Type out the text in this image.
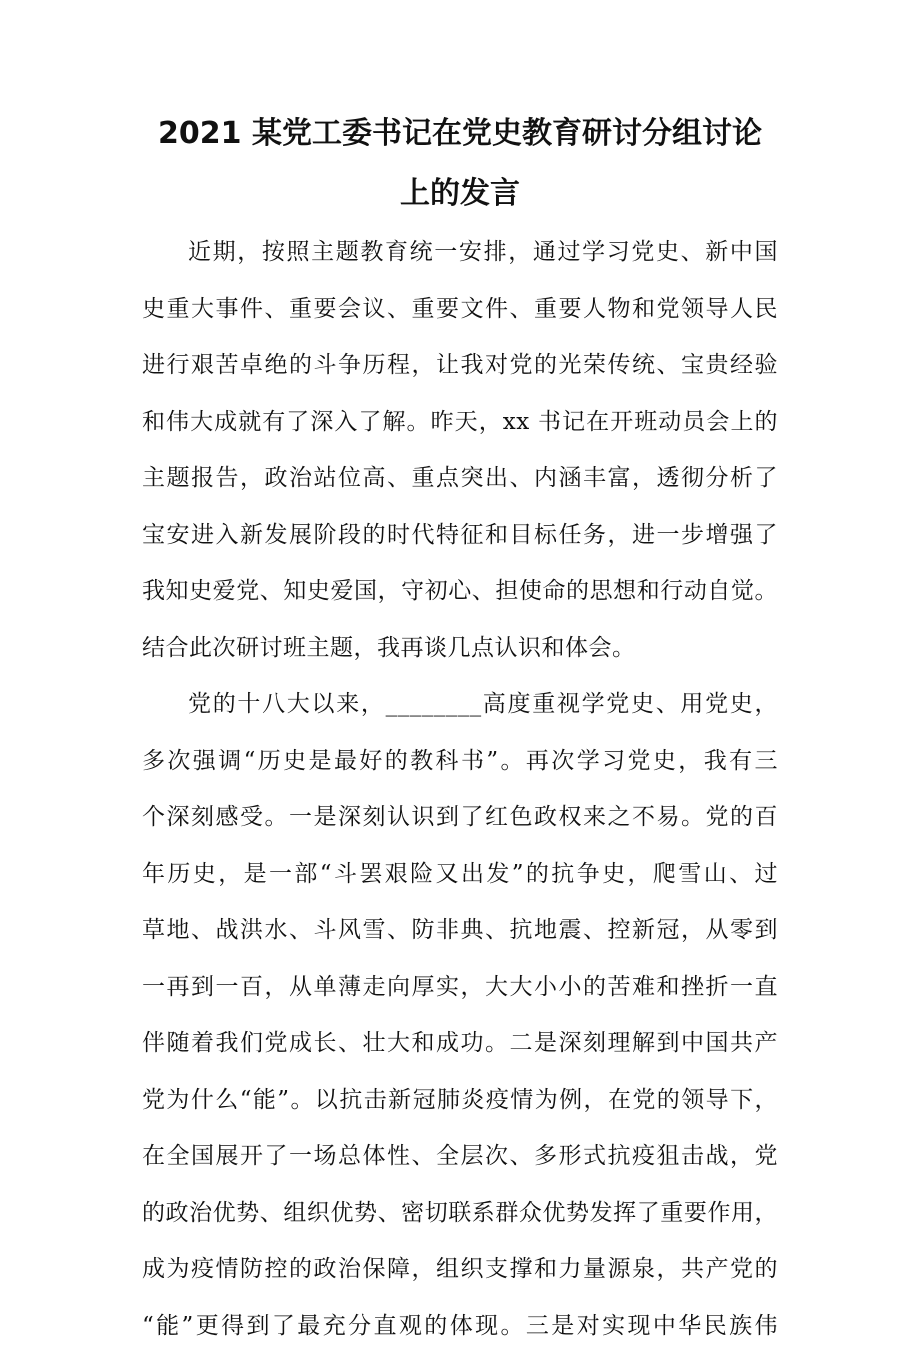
2021 某党工委书记在党史教育研讨分组讨论
上的发言
近期，按照主题教育统一安排，通过学习党史、新中国
史重大事件、重要会议、重要文件、重要人物和党领导人民
进行艰苦卓绝的斗争历程，让我对党的光荣传统、宝贵经验
和伟大成就有了深入了解。昨天，xx 书记在开班动员会上的
主题报告，政治站位高、重点突出、内涵丰富，透彻分析了
宝安进入新发展阶段的时代特征和目标任务，进一步增强了
我知史爱党、知史爱国，守初心、担使命的思想和行动自觉。
结合此次研讨班主题，我再谈几点认识和体会。
党的十八大以来，________高度重视学党史、用党史，
多次强调“历史是最好的教科书”。再次学习党史，我有三
个深刻感受。一是深刻认识到了红色政权来之不易。党的百
年历史，是一部“斗罢艰险又出发”的抗争史，爬雪山、过
草地、战洪水、斗风雪、防非典、抗地震、控新冠，从零到
一再到一百，从单薄走向厚实，大大小小的苦难和挫折一直
伴随着我们党成长、壮大和成功。二是深刻理解到中国共产
党为什么“能”。以抗击新冠肺炎疫情为例，在党的领导下，
在全国展开了一场总体性、全层次、多形式抗疫狙击战，党
的政治优势、组织优势、密切联系群众优势发挥了重要作用，
成为疫情防控的政治保障，组织支撑和力量源泉，共产党的
“能”更得到了最充分直观的体现。三是对实现中华民族伟
